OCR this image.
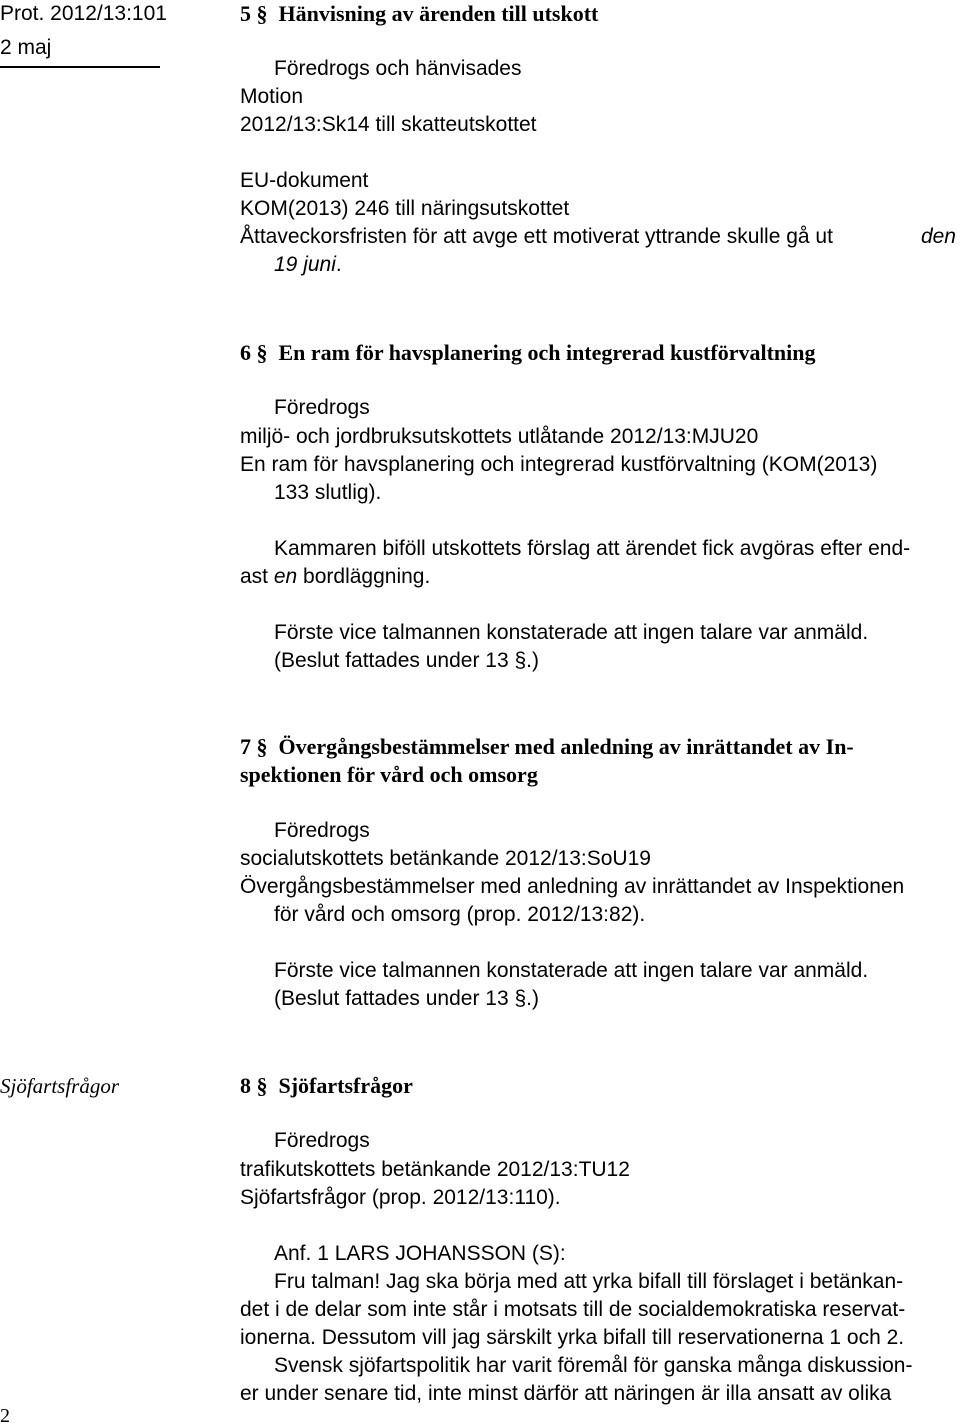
Prot. 2012/13:101
2 maj
Sjöfartsfrågor
2
5 § Hänvisning av ärenden till utskott
Föredrogs och hänvisades
Motion
2012/13:Sk14 till skatteutskottet
EU-dokument
KOM(2013) 246 till näringsutskottet
Åttaveckorsfristen för att avge ett motiverat yttrande skulle gå ut	den
19 juni.
6 § En ram för havsplanering och integrerad kustförvaltning
Föredrogs
miljö- och jordbruksutskottets utlåtande 2012/13:MJU20
En ram för havsplanering och integrerad kustförvaltning (KOM(2013)
133 slutlig).
Kammaren biföll utskottets förslag att ärendet fick avgöras efter end-
ast en bordläggning.
Förste vice talmannen konstaterade att ingen talare var anmäld.
(Beslut fattades under 13 §.)
7 § Övergångsbestämmelser med anledning av inrättandet av In-
spektionen för vård och omsorg
Föredrogs
socialutskottets betänkande 2012/13:SoU19
Övergångsbestämmelser med anledning av inrättandet av Inspektionen
för vård och omsorg (prop. 2012/13:82).
Förste vice talmannen konstaterade att ingen talare var anmäld.
(Beslut fattades under 13 §.)
8 § Sjöfartsfrågor
Föredrogs
trafikutskottets betänkande 2012/13:TU12
Sjöfartsfrågor (prop. 2012/13:110).
Anf. 1 LARS JOHANSSON (S):
Fru talman! Jag ska börja med att yrka bifall till förslaget i betänkan-
det i de delar som inte står i motsats till de socialdemokratiska reservat-
ionerna. Dessutom vill jag särskilt yrka bifall till reservationerna 1 och 2.
Svensk sjöfartspolitik har varit föremål för ganska många diskussion-
er under senare tid, inte minst därför att näringen är illa ansatt av olika
